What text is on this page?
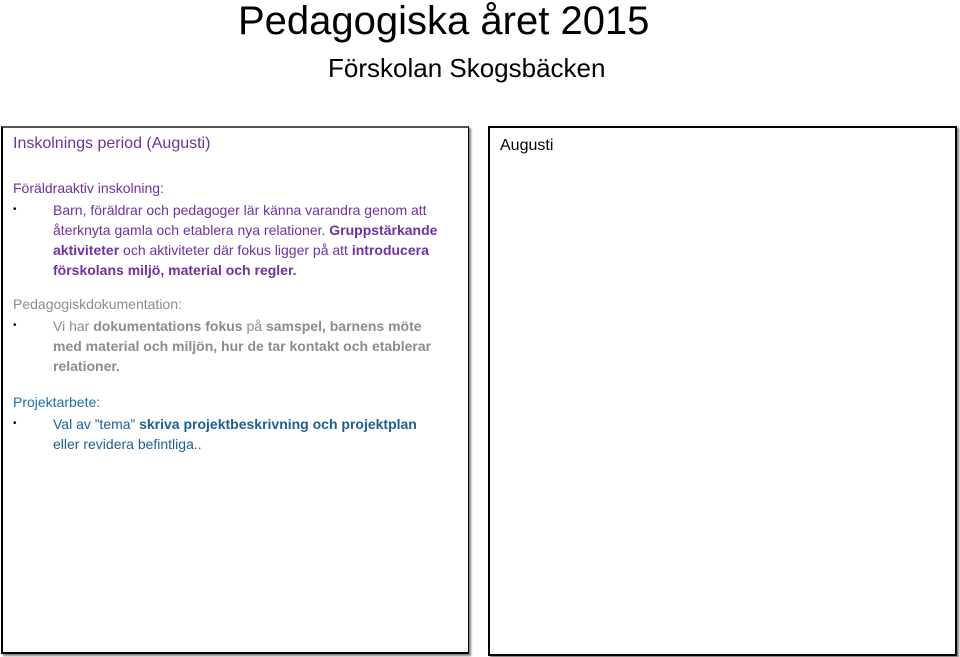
Pedagogiska året 2015
Förskolan Skogsbäcken
Inskolnings period (Augusti)
Föräldraaktiv inskolning:
•	Barn, föräldrar och pedagoger lär känna varandra genom att
återknyta gamla och etablera nya relationer. Gruppstärkande
aktiviteter och aktiviteter där fokus ligger på att introducera
förskolans miljö, material och regler.
Pedagogiskdokumentation:
•	Vi har dokumentations fokus på samspel, barnens möte
med material och miljön, hur de tar kontakt och etablerar
relationer.
Projektarbete:
•	Val av ”tema” skriva projektbeskrivning och projektplan
eller revidera befintliga..
Augusti
